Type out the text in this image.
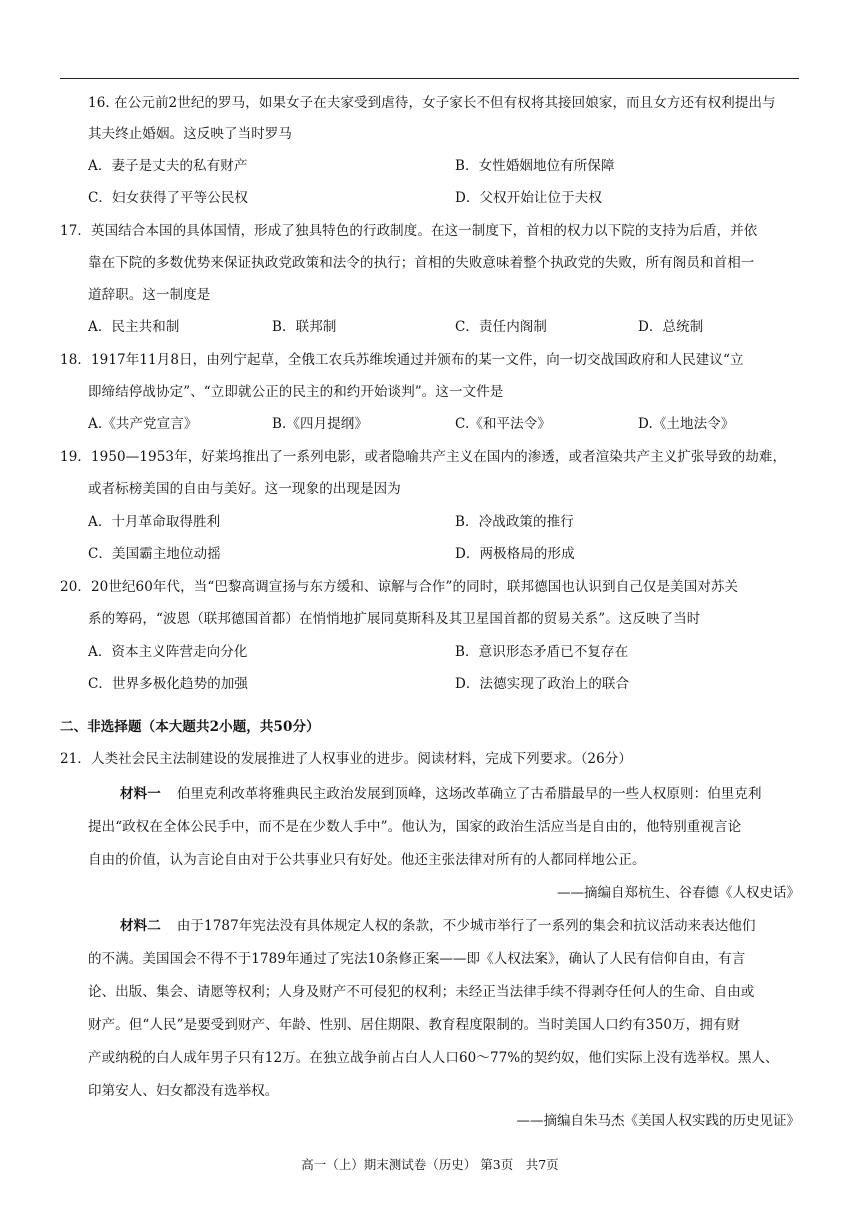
16. 在公元前2世纪的罗马，如果女子在夫家受到虐待，女子家长不但有权将其接回娘家，而且女方还有权利提出与
其夫终止婚姻。这反映了当时罗马
A．妻子是丈夫的私有财产	B．女性婚姻地位有所保障
C．妇女获得了平等公民权	D．父权开始让位于夫权
17．英国结合本国的具体国情，形成了独具特色的行政制度。在这一制度下，首相的权力以下院的支持为后盾，并依
靠在下院的多数优势来保证执政党政策和法令的执行；首相的失败意味着整个执政党的失败，所有阁员和首相一
道辞职。这一制度是
A．民主共和制	B．联邦制	C．责任内阁制	D．总统制
18．1917年11月8日，由列宁起草，全俄工农兵苏维埃通过并颁布的某一文件，向一切交战国政府和人民建议“立
即缔结停战协定”、“立即就公正的民主的和约开始谈判”。这一文件是
A.《共产党宣言》	B.《四月提纲》	C.《和平法令》	D.《土地法令》
19．1950—1953年，好莱坞推出了一系列电影，或者隐喻共产主义在国内的渗透，或者渲染共产主义扩张导致的劫难，
或者标榜美国的自由与美好。这一现象的出现是因为
A．十月革命取得胜利	B．冷战政策的推行
C．美国霸主地位动摇	D．两极格局的形成
20．20世纪60年代，当“巴黎高调宣扬与东方缓和、谅解与合作”的同时，联邦德国也认识到自己仅是美国对苏关
系的筹码，“波恩（联邦德国首都）在悄悄地扩展同莫斯科及其卫星国首都的贸易关系”。这反映了当时
A．资本主义阵营走向分化	B．意识形态矛盾已不复存在
C．世界多极化趋势的加强	D．法德实现了政治上的联合
二、非选择题（本大题共2小题，共50分）
21．人类社会民主法制建设的发展推进了人权事业的进步。阅读材料，完成下列要求。（26分）
材料一 伯里克利改革将雅典民主政治发展到顶峰，这场改革确立了古希腊最早的一些人权原则：伯里克利
提出“政权在全体公民手中，而不是在少数人手中”。他认为，国家的政治生活应当是自由的，他特别重视言论
自由的价值，认为言论自由对于公共事业只有好处。他还主张法律对所有的人都同样地公正。
——摘编自郑杭生、谷春德《人权史话》
材料二 由于1787年宪法没有具体规定人权的条款，不少城市举行了一系列的集会和抗议活动来表达他们
的不满。美国国会不得不于1789年通过了宪法10条修正案——即《人权法案》，确认了人民有信仰自由，有言
论、出版、集会、请愿等权利；人身及财产不可侵犯的权利；未经正当法律手续不得剥夺任何人的生命、自由或
财产。但“人民”是要受到财产、年龄、性别、居住期限、教育程度限制的。当时美国人口约有350万，拥有财
产或纳税的白人成年男子只有12万。在独立战争前占白人人口60～77%的契约奴，他们实际上没有选举权。黑人、
印第安人、妇女都没有选举权。
——摘编自朱马杰《美国人权实践的历史见证》
高一（上）期末测试卷（历史） 第3页　共7页
